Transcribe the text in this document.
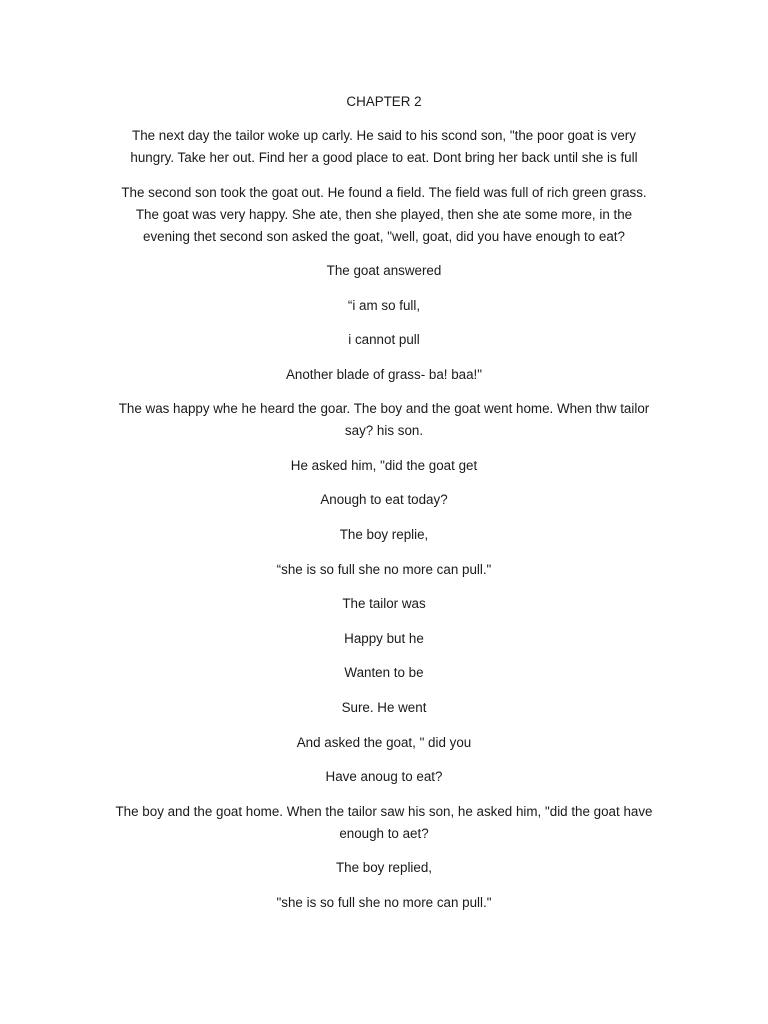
CHAPTER 2

The next day the tailor woke up carly. He said to his scond son, "the poor goat is very

hungry. Take her out. Find her a good place to eat. Dont bring her back until she is full

The second son took the goat out. He found a field. The field was full of rich green grass.

The goat was very happy. She ate, then she played, then she ate some more, in the

evening thet second son asked the goat, "well, goat, did you have enough to eat?

The goat answered

“i am so full,

i cannot pull

Another blade of grass- ba! baa!"

The was happy whe he heard the goar. The boy and the goat went home. When thw tailor

say? his son.

He asked him, "did the goat get

Anough to eat today?

The boy replie,

“she is so full she no more can pull."

The tailor was

Happy but he

Wanten to be

Sure. He went

And asked the goat, " did you

Have anoug to eat?

The boy and the goat home. When the tailor saw his son, he asked him, "did the goat have

enough to aet?

The boy replied,

"she is so full she no more can pull."
